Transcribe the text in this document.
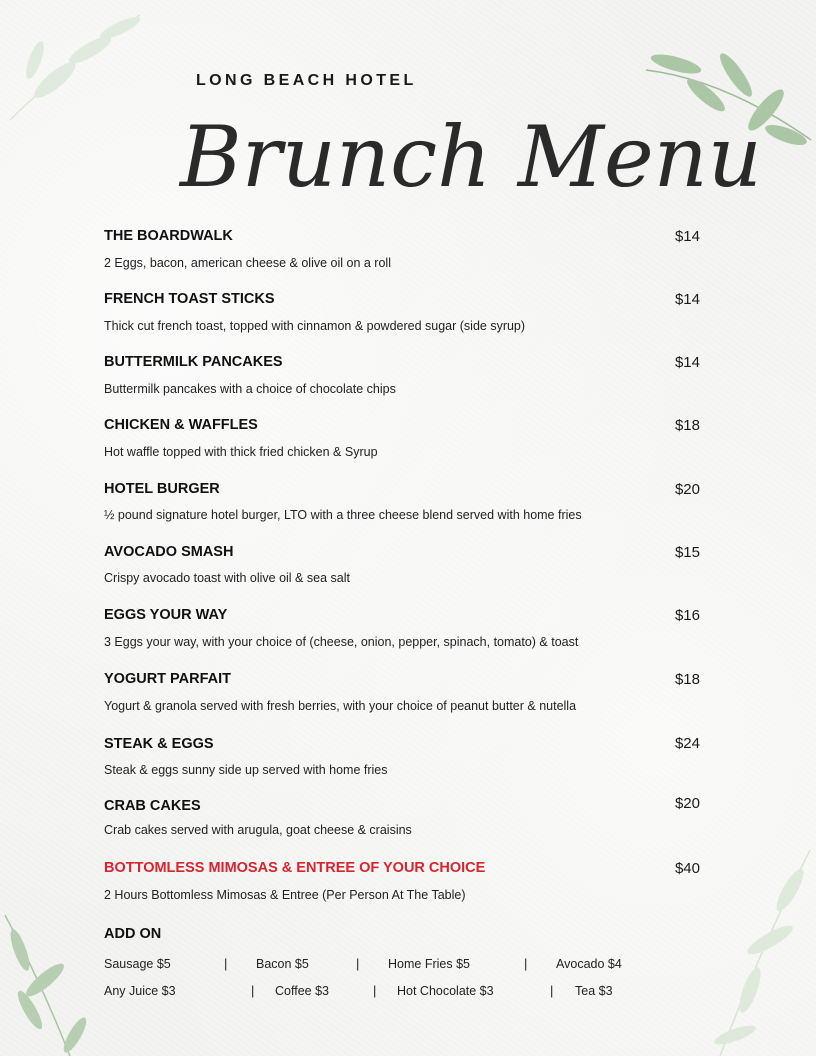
LONG BEACH HOTEL
Brunch Menu
THE BOARDWALK	$14

2 Eggs, bacon, american cheese & olive oil on a roll

FRENCH TOAST STICKS	$14

Thick cut french toast, topped with cinnamon & powdered sugar (side syrup)

BUTTERMILK PANCAKES	$14

Buttermilk pancakes with a choice of chocolate chips

CHICKEN & WAFFLES	$18

Hot waffle topped with thick fried chicken & Syrup

HOTEL BURGER	$20

½ pound signature hotel burger, LTO with a three cheese blend served with home fries

AVOCADO SMASH	$15

Crispy avocado toast with olive oil & sea salt

EGGS YOUR WAY	$16

3 Eggs your way, with your choice of (cheese, onion, pepper, spinach, tomato) & toast

YOGURT PARFAIT	$18

Yogurt & granola served with fresh berries, with your choice of peanut butter & nutella

STEAK & EGGS	$24

Steak & eggs sunny side up served with home fries

CRAB CAKES	$20

Crab cakes served with arugula, goat cheese & craisins

BOTTOMLESS MIMOSAS & ENTREE OF YOUR CHOICE	$40

2 Hours Bottomless Mimosas & Entree (Per Person At The Table)

ADD ON

Sausage $5	| Bacon $5	| Home Fries $5	| Avocado $4

Any Juice $3	| Coffee $3	| Hot Chocolate $3	| Tea $3
